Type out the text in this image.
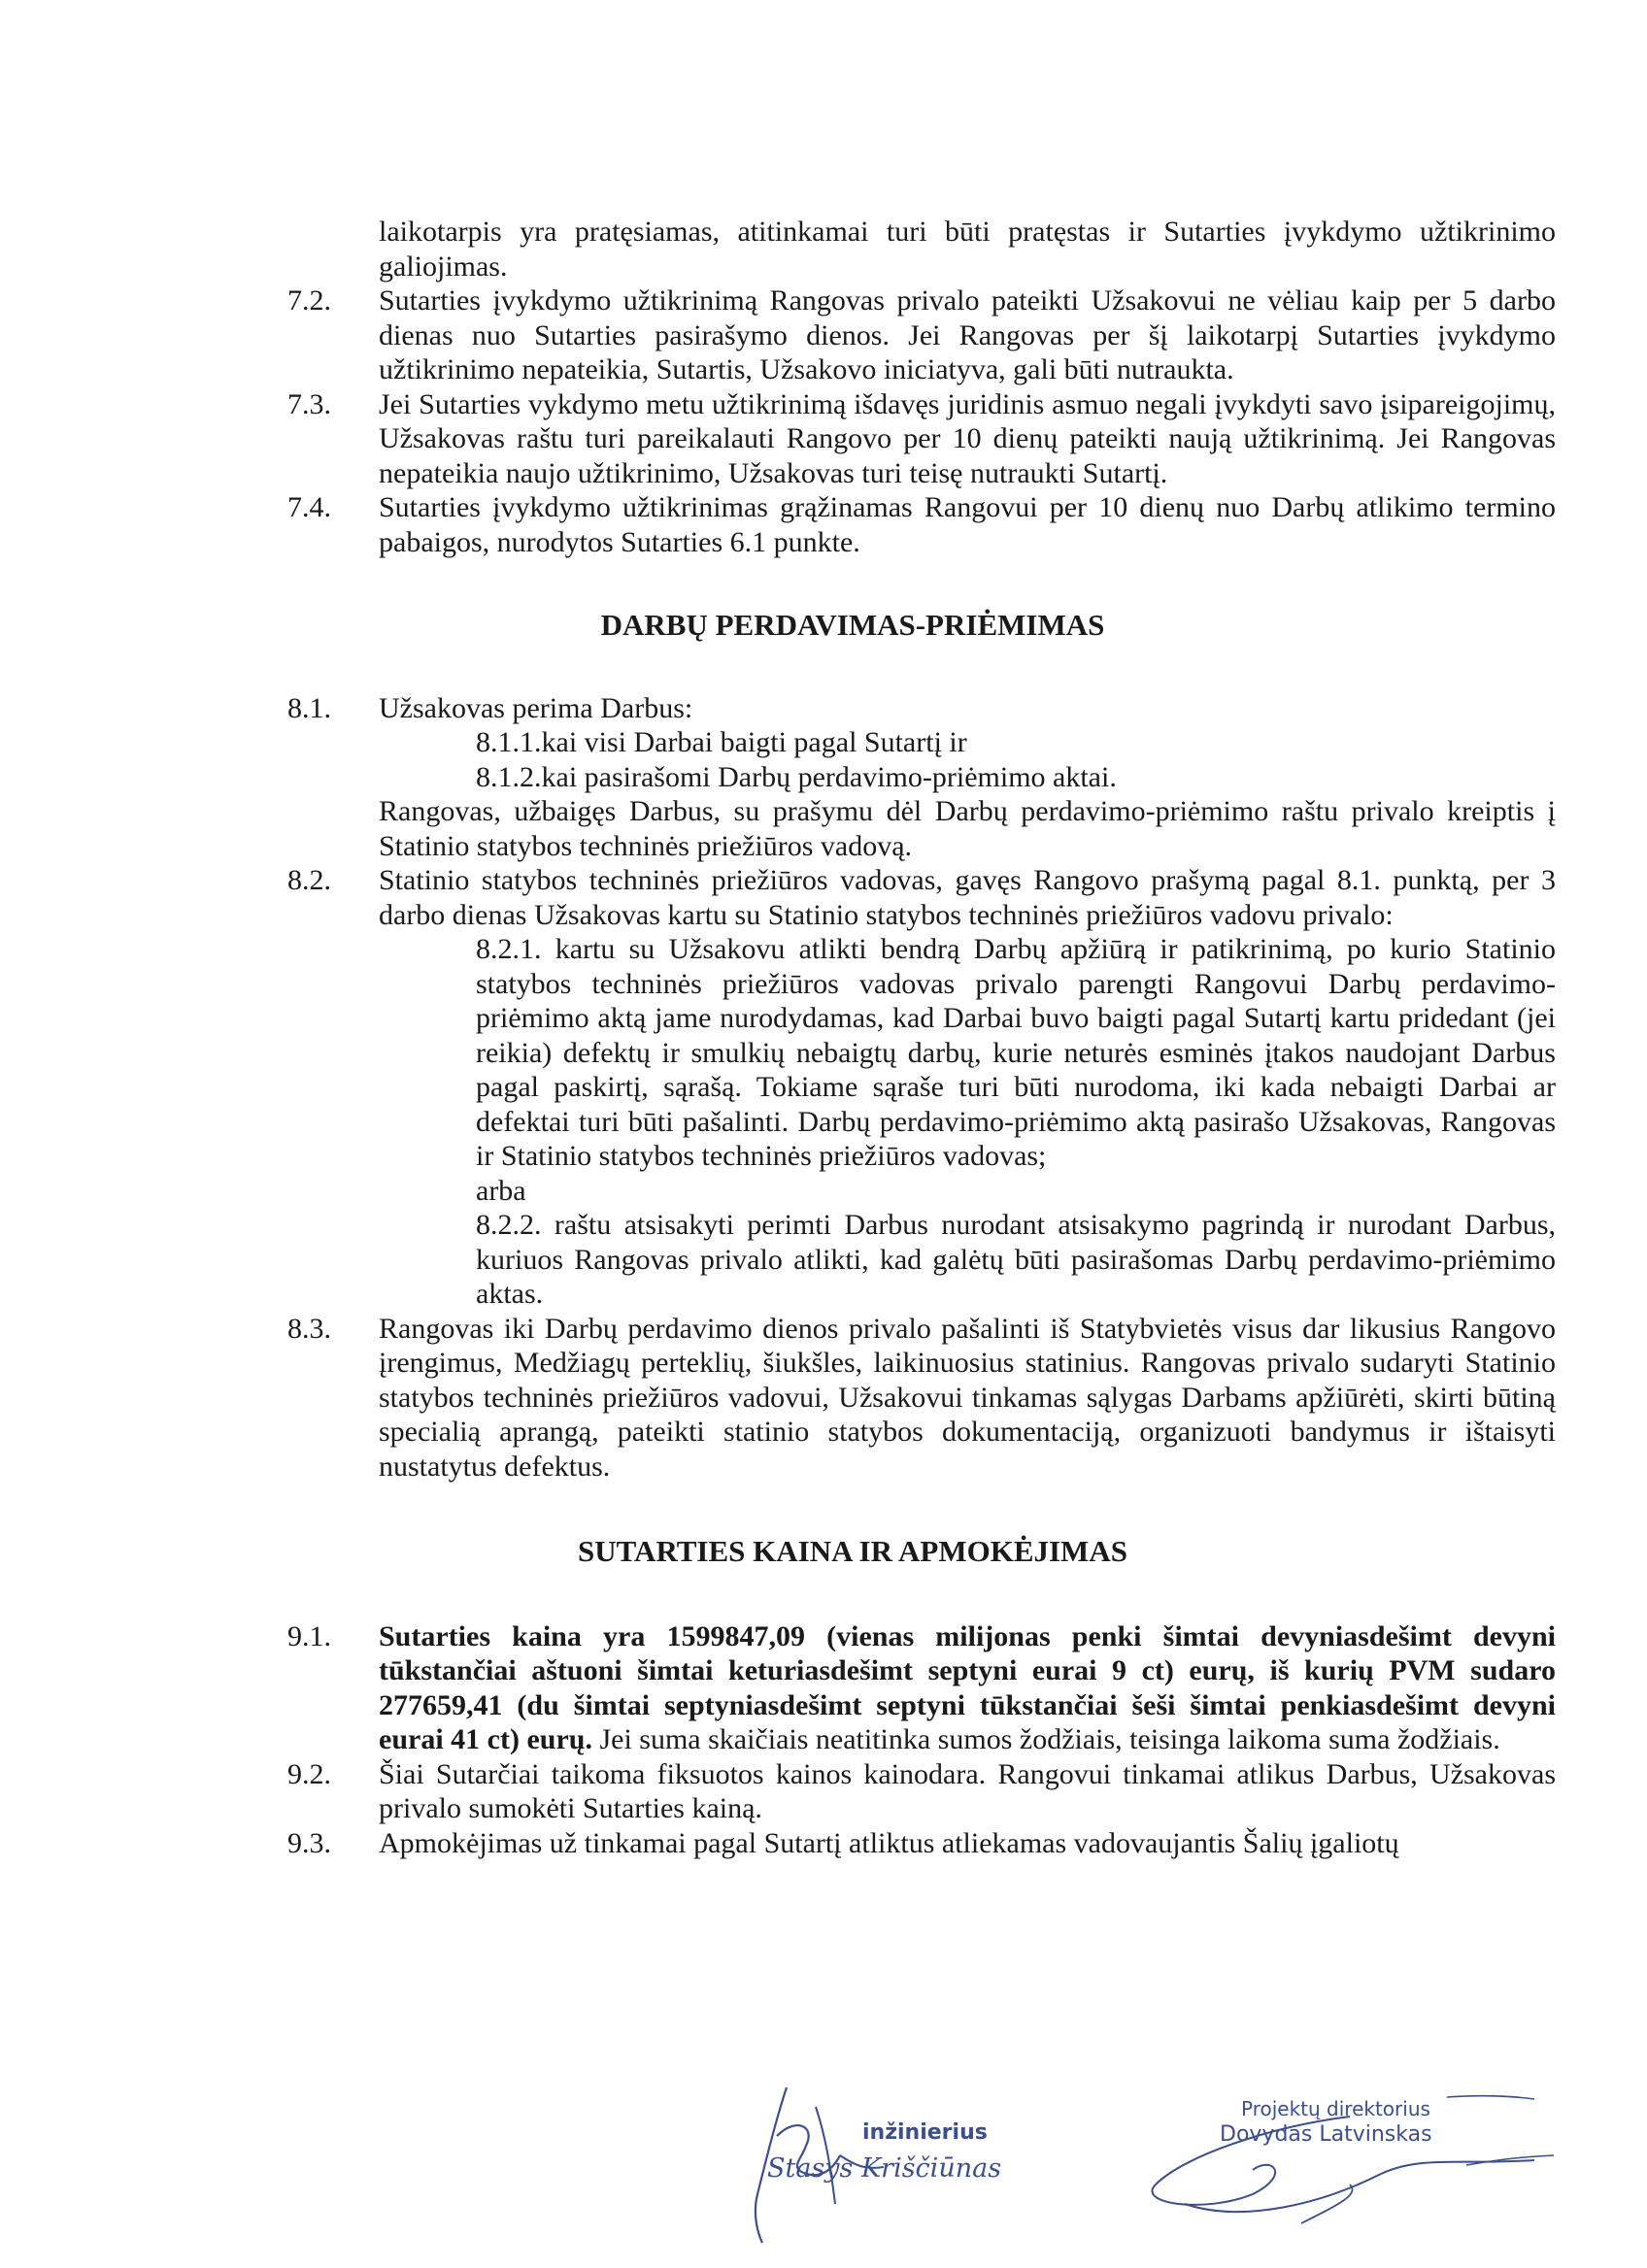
laikotarpis yra pratęsiamas, atitinkamai turi būti pratęstas ir Sutarties įvykdymo užtikrinimo galiojimas.
7.2. Sutarties įvykdymo užtikrinimą Rangovas privalo pateikti Užsakovui ne vėliau kaip per 5 darbo dienas nuo Sutarties pasirašymo dienos. Jei Rangovas per šį laikotarpį Sutarties įvykdymo užtikrinimo nepateikia, Sutartis, Užsakovo iniciatyva, gali būti nutraukta.
7.3. Jei Sutarties vykdymo metu užtikrinimą išdavęs juridinis asmuo negali įvykdyti savo įsipareigojimų, Užsakovas raštu turi pareikalauti Rangovo per 10 dienų pateikti naują užtikrinimą. Jei Rangovas nepateikia naujo užtikrinimo, Užsakovas turi teisę nutraukti Sutartį.
7.4. Sutarties įvykdymo užtikrinimas grąžinamas Rangovui per 10 dienų nuo Darbų atlikimo termino pabaigos, nurodytos Sutarties 6.1 punkte.
DARBŲ PERDAVIMAS-PRIĖMIMAS
8.1. Užsakovas perima Darbus:
8.1.1.kai visi Darbai baigti pagal Sutartį ir
8.1.2.kai pasirašomi Darbų perdavimo-priėmimo aktai.
Rangovas, užbaigęs Darbus, su prašymu dėl Darbų perdavimo-priėmimo raštu privalo kreiptis į Statinio statybos techninės priežiūros vadovą.
8.2. Statinio statybos techninės priežiūros vadovas, gavęs Rangovo prašymą pagal 8.1. punktą, per 3 darbo dienas Užsakovas kartu su Statinio statybos techninės priežiūros vadovu privalo:
8.2.1. kartu su Užsakovu atlikti bendrą Darbų apžiūrą ir patikrinimą, po kurio Statinio statybos techninės priežiūros vadovas privalo parengti Rangovui Darbų perdavimo-priėmimo aktą jame nurodydamas, kad Darbai buvo baigti pagal Sutartį kartu pridedant (jei reikia) defektų ir smulkių nebaigtų darbų, kurie neturės esminės įtakos naudojant Darbus pagal paskirtį, sąrašą. Tokiame sąraše turi būti nurodoma, iki kada nebaigti Darbai ar defektai turi būti pašalinti. Darbų perdavimo-priėmimo aktą pasirašo Užsakovas, Rangovas ir Statinio statybos techninės priežiūros vadovas;
arba
8.2.2. raštu atsisakyti perimti Darbus nurodant atsisakymo pagrindą ir nurodant Darbus, kuriuos Rangovas privalo atlikti, kad galėtų būti pasirašomas Darbų perdavimo-priėmimo aktas.
8.3. Rangovas iki Darbų perdavimo dienos privalo pašalinti iš Statybvietės visus dar likusius Rangovo įrengimus, Medžiagų perteklių, šiukšles, laikinuosius statinius. Rangovas privalo sudaryti Statinio statybos techninės priežiūros vadovui, Užsakovui tinkamas sąlygas Darbams apžiūrėti, skirti būtiną specialią aprangą, pateikti statinio statybos dokumentaciją, organizuoti bandymus ir ištaisyti nustatytus defektus.
SUTARTIES KAINA IR APMOKĖJIMAS
9.1. Sutarties kaina yra 1599847,09 (vienas milijonas penki šimtai devyniasdešimt devyni tūkstančiai aštuoni šimtai keturiasdešimt septyni eurai 9 ct) eurų, iš kurių PVM sudaro 277659,41 (du šimtai septyniasdešimt septyni tūkstančiai šeši šimtai penkiasdešimt devyni eurai 41 ct) eurų. Jei suma skaičiais neatitinka sumos žodžiais, teisinga laikoma suma žodžiais.
9.2. Šiai Sutarčiai taikoma fiksuotos kainos kainodara. Rangovui tinkamai atlikus Darbus, Užsakovas privalo sumokėti Sutarties kainą.
9.3. Apmokėjimas už tinkamai pagal Sutartį atliktus atliekamas vadovaujantis Šalių įgaliotų
inžinierius
Stasys Kriščiūnas
Projektų direktorius
Dovydas Latvinskas
